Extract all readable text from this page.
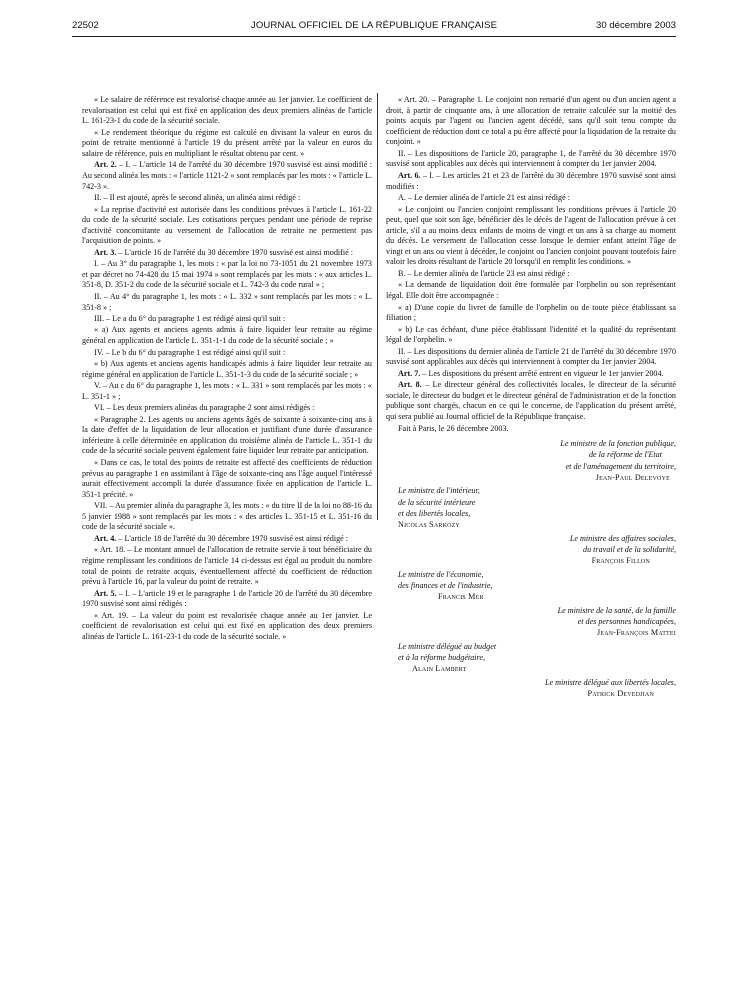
22502	JOURNAL OFFICIEL DE LA RÉPUBLIQUE FRANÇAISE	30 décembre 2003

« Le salaire de référence est revalorisé chaque année au 1er janvier. Le coefficient de revalorisation est celui qui est fixé en application des deux premiers alinéas de l'article L. 161-23-1 du code de la sécurité sociale.

« Le rendement théorique du régime est calculé en divisant la valeur en euros du point de retraite mentionné à l'article 19 du présent arrêté par la valeur en euros du salaire de référence, puis en multipliant le résultat obtenu par cent. »

Art. 2. – I. – L'article 14 de l'arrêté du 30 décembre 1970 susvisé est ainsi modifié : Au second alinéa les mots : « l'article 1121-2 » sont remplacés par les mots : « l'article L. 742-3 ».

II. – Il est ajouté, après le second alinéa, un alinéa ainsi rédigé :

« La reprise d'activité est autorisée dans les conditions prévues à l'article L. 161-22 du code de la sécurité sociale. Les cotisations perçues pendant une période de reprise d'activité concomitante au versement de l'allocation de retraite ne permettent pas l'acquisition de points. »

Art. 3. – L'article 16 de l'arrêté du 30 décembre 1970 susvisé est ainsi modifié :

I. – Au 3° du paragraphe 1, les mots : « par la loi no 73-1051 du 21 novembre 1973 et par décret no 74-428 du 15 mai 1974 » sont remplacés par les mots : « aux articles L. 351-8, D. 351-2 du code de la sécurité sociale et L. 742-3 du code rural » ;

II. – Au 4° du paragraphe 1, les mots : « L. 332 » sont remplacés par les mots : « L. 351-8 » ;

III. – Le a du 6° du paragraphe 1 est rédigé ainsi qu'il suit :

« a) Aux agents et anciens agents admis à faire liquider leur retraite au régime général en application de l'article L. 351-1-1 du code de la sécurité sociale ; »

IV. – Le b du 6° du paragraphe 1 est rédigé ainsi qu'il suit :

« b) Aux agents et anciens agents handicapés admis à faire liquider leur retraite au régime général en application de l'article L. 351-1-3 du code de la sécurité sociale ; »

V. – Au c du 6° du paragraphe 1, les mots : « L. 331 » sont remplacés par les mots : « L. 351-1 » ;

VI. – Les deux premiers alinéas du paragraphe 2 sont ainsi rédigés :

« Paragraphe 2. Les agents ou anciens agents âgés de soixante à soixante-cinq ans à la date d'effet de la liquidation de leur allocation et justifiant d'une durée d'assurance inférieure à celle déterminée en application du troisième alinéa de l'article L. 351-1 du code de la sécurité sociale peuvent également faire liquider leur retraite par anticipation.

« Dans ce cas, le total des points de retraite est affecté des coefficients de réduction prévus au paragraphe 1 en assimilant à l'âge de soixante-cinq ans l'âge auquel l'intéressé aurait effectivement accompli la durée d'assurance fixée en application de l'article L. 351-1 précité. »

VII. – Au premier alinéa du paragraphe 3, les mots : « du titre II de la loi no 88-16 du 5 janvier 1988 » sont remplacés par les mots : « des articles L. 351-15 et L. 351-16 du code de la sécurité sociale ».

Art. 4. – L'article 18 de l'arrêté du 30 décembre 1970 susvisé est ainsi rédigé :

« Art. 18. – Le montant annuel de l'allocation de retraite servie à tout bénéficiaire du régime remplissant les conditions de l'article 14 ci-dessus est égal au produit du nombre total de points de retraite acquis, éventuellement affecté du coefficient de réduction prévu à l'article 16, par la valeur du point de retraite. »

Art. 5. – I. – L'article 19 et le paragraphe 1 de l'article 20 de l'arrêté du 30 décembre 1970 susvisé sont ainsi rédigés :

« Art. 19. – La valeur du point est revalorisée chaque année au 1er janvier. Le coefficient de revalorisation est celui qui est fixé en application des deux premiers alinéas de l'article L. 161-23-1 du code de la sécurité sociale. »

« Art. 20. – Paragraphe 1. Le conjoint non remarié d'un agent ou d'un ancien agent a droit, à partir de cinquante ans, à une allocation de retraite calculée sur la moitié des points acquis par l'agent ou l'ancien agent décédé, sans qu'il soit tenu compte du coefficient de réduction dont ce total a pu être affecté pour la liquidation de la retraite du conjoint. »

II. – Les dispositions de l'article 20, paragraphe 1, de l'arrêté du 30 décembre 1970 susvisé sont applicables aux décès qui interviennent à compter du 1er janvier 2004.

Art. 6. – I. – Les articles 21 et 23 de l'arrêté du 30 décembre 1970 susvisé sont ainsi modifiés :

A. – Le dernier alinéa de l'article 21 est ainsi rédigé :

« Le conjoint ou l'ancien conjoint remplissant les conditions prévues à l'article 20 peut, quel que soit son âge, bénéficier dès le décès de l'agent de l'allocation prévue à cet article, s'il a au moins deux enfants de moins de vingt et un ans à sa charge au moment du décès. Le versement de l'allocation cesse lorsque le dernier enfant atteint l'âge de vingt et un ans ou vient à décéder, le conjoint ou l'ancien conjoint pouvant toutefois faire valoir les droits résultant de l'article 20 lorsqu'il en remplit les conditions. »

B. – Le dernier alinéa de l'article 23 est ainsi rédigé :

« La demande de liquidation doit être formulée par l'orphelin ou son représentant légal. Elle doit être accompagnée :

« a) D'une copie du livret de famille de l'orphelin ou de toute pièce établissant sa filiation ;

« b) Le cas échéant, d'une pièce établissant l'identité et la qualité du représentant légal de l'orphelin. »

II. – Les dispositions du dernier alinéa de l'article 21 de l'arrêté du 30 décembre 1970 susvisé sont applicables aux décès qui interviennent à compter du 1er janvier 2004.

Art. 7. – Les dispositions du présent arrêté entrent en vigueur le 1er janvier 2004.

Art. 8. – Le directeur général des collectivités locales, le directeur de la sécurité sociale, le directeur du budget et le directeur général de l'administration et de la fonction publique sont chargés, chacun en ce qui le concerne, de l'application du présent arrêté, qui sera publié au Journal officiel de la République française.

Fait à Paris, le 26 décembre 2003.

Le ministre de la fonction publique,

de la réforme de l'Etat

et de l'aménagement du territoire,

Jean-Paul Delevoye

Le ministre de l'intérieur,

de la sécurité intérieure

et des libertés locales,

Nicolas Sarkozy

Le ministre des affaires sociales,

du travail et de la solidarité,

François Fillon

Le ministre de l'économie,

des finances et de l'industrie,

Francis Mer

Le ministre de la santé, de la famille

et des personnes handicapées,

Jean-François Mattei

Le ministre délégué au budget

et à la réforme budgétaire,

Alain Lambert

Le ministre délégué aux libertés locales,

Patrick Devedjian
